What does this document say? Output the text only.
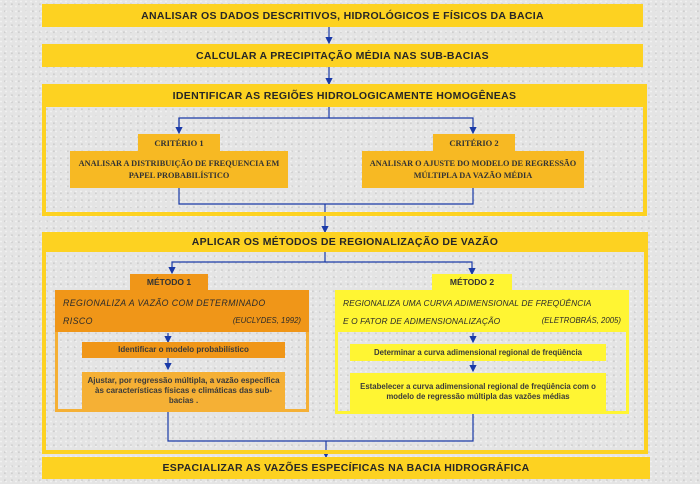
ANALISAR OS DADOS DESCRITIVOS, HIDROLÓGICOS E FÍSICOS DA BACIA
CALCULAR A PRECIPITAÇÃO MÉDIA NAS SUB-BACIAS
IDENTIFICAR AS REGIÕES HIDROLOGICAMENTE HOMOGÊNEAS
CRITÉRIO 1
ANALISAR A DISTRIBUIÇÃO DE FREQUENCIA EM PAPEL PROBABILÍSTICO
CRITÉRIO 2
ANALISAR O AJUSTE DO MODELO DE REGRESSÃO MÚLTIPLA DA VAZÃO MÉDIA
APLICAR OS MÉTODOS DE REGIONALIZAÇÃO DE VAZÃO
MÉTODO 1
REGIONALIZA A VAZÃO COM DETERMINADO
RISCO	(EUCLYDES, 1992)
Identificar o modelo probabilístico
Ajustar, por regressão múltipla, a vazão específica às características físicas e climáticas das sub-bacias .
MÉTODO 2
REGIONALIZA UMA CURVA ADIMENSIONAL DE FREQÜÊNCIA
E O FATOR DE ADIMENSIONALIZAÇÃO	(ELETROBRÁS, 2005)
Determinar a curva adimensional regional de freqüência
Estabelecer a curva adimensional regional de freqüência com o modelo de regressão múltipla das vazões médias
ESPACIALIZAR AS VAZÕES ESPECÍFICAS NA BACIA HIDROGRÁFICA
